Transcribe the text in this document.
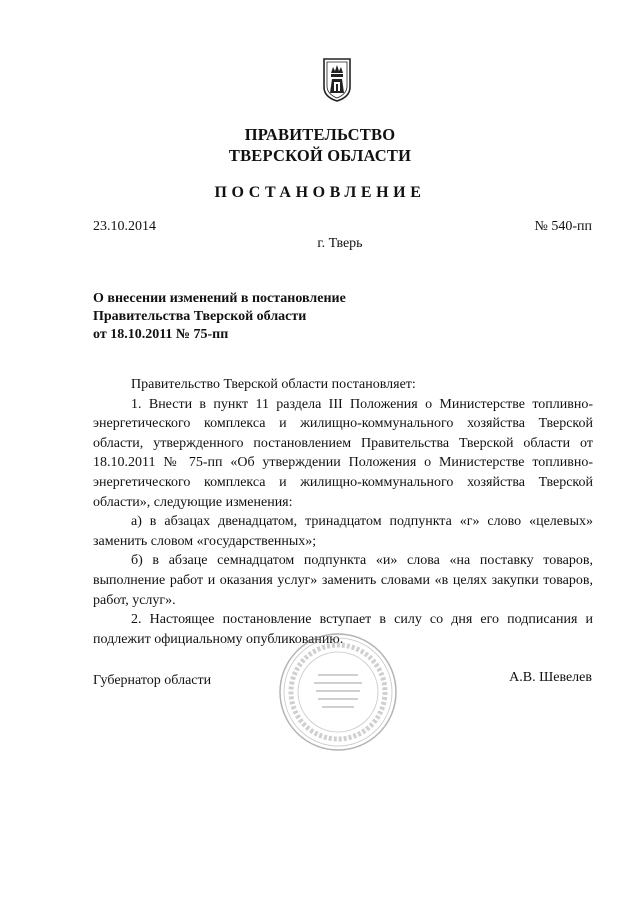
ПРАВИТЕЛЬСТВО
ТВЕРСКОЙ ОБЛАСТИ
ПОСТАНОВЛЕНИЕ
23.10.2014	№ 540-пп
г. Тверь
О внесении изменений в постановление
Правительства Тверской области
от 18.10.2011 № 75-пп

Правительство Тверской области постановляет:

1. Внести в пункт 11 раздела III Положения о Министерстве топливно-энергетического комплекса и жилищно-коммунального хозяйства Тверской области, утвержденного постановлением Правительства Тверской области от 18.10.2011 № 75-пп «Об утверждении Положения о Министерстве топливно-энергетического комплекса и жилищно-коммунального хозяйства Тверской области», следующие изменения:

а) в абзацах двенадцатом, тринадцатом подпункта «г» слово «целевых» заменить словом «государственных»;

б) в абзаце семнадцатом подпункта «и» слова «на поставку товаров, выполнение работ и оказания услуг» заменить словами «в целях закупки товаров, работ, услуг».

2. Настоящее постановление вступает в силу со дня его подписания и подлежит официальному опубликованию.

Губернатор области	А.В. Шевелев
